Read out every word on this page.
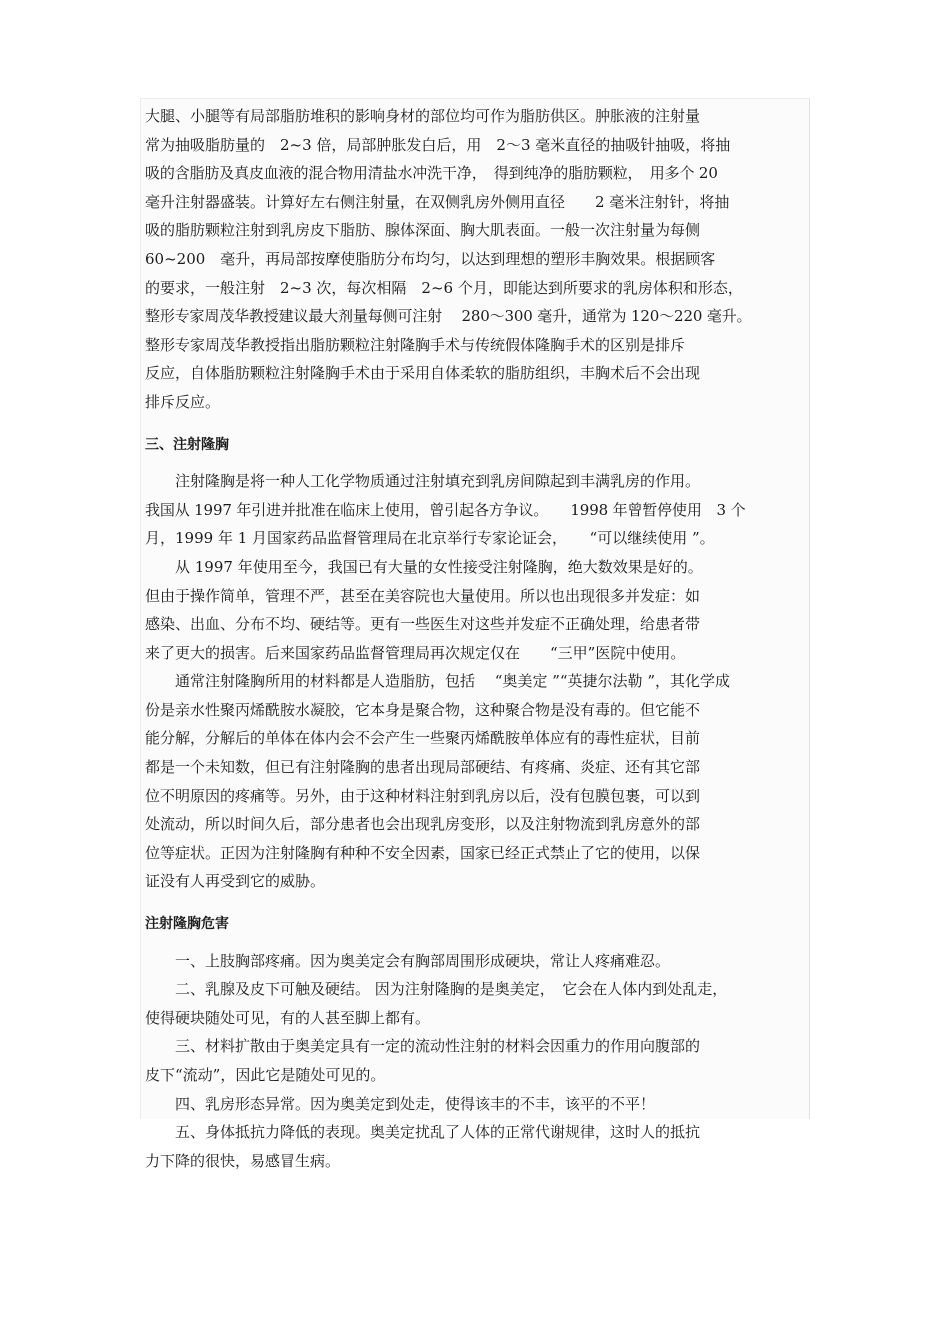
大腿、小腿等有局部脂肪堆积的影响身材的部位均可作为脂肪供区。肿胀液的注射量

常为抽吸脂肪量的　2~3 倍，局部肿胀发白后，用　2～3 毫米直径的抽吸针抽吸，将抽

吸的含脂肪及真皮血液的混合物用清盐水冲洗干净，　得到纯净的脂肪颗粒，　用多个 20

毫升注射器盛装。计算好左右侧注射量，在双侧乳房外侧用直径　　2 毫米注射针，将抽

吸的脂肪颗粒注射到乳房皮下脂肪、腺体深面、胸大肌表面。一般一次注射量为每侧

60~200　毫升，再局部按摩使脂肪分布均匀，以达到理想的塑形丰胸效果。根据顾客

的要求，一般注射　2~3 次，每次相隔　2~6 个月，即能达到所要求的乳房体积和形态，

整形专家周茂华教授建议最大剂量每侧可注射　 280～300 毫升，通常为 120～220 毫升。

整形专家周茂华教授指出脂肪颗粒注射隆胸手术与传统假体隆胸手术的区别是排斥

反应，自体脂肪颗粒注射隆胸手术由于采用自体柔软的脂肪组织，丰胸术后不会出现

排斥反应。

三、注射隆胸

　　注射隆胸是将一种人工化学物质通过注射填充到乳房间隙起到丰满乳房的作用。

我国从 1997 年引进并批准在临床上使用，曾引起各方争议。　　1998 年曾暂停使用　3 个

月，1999 年 1 月国家药品监督管理局在北京举行专家论证会，　　“可以继续使用 ”。

　　从 1997 年使用至今，我国已有大量的女性接受注射隆胸，绝大数效果是好的。

但由于操作简单，管理不严，甚至在美容院也大量使用。所以也出现很多并发症：如

感染、出血、分布不均、硬结等。更有一些医生对这些并发症不正确处理，给患者带

来了更大的损害。后来国家药品监督管理局再次规定仅在　　“三甲”医院中使用。

　　通常注射隆胸所用的材料都是人造脂肪，包括　 “奥美定 ”“英捷尔法勒 ”，其化学成

份是亲水性聚丙烯酰胺水凝胶，它本身是聚合物，这种聚合物是没有毒的。但它能不

能分解，分解后的单体在体内会不会产生一些聚丙烯酰胺单体应有的毒性症状，目前

都是一个未知数，但已有注射隆胸的患者出现局部硬结、有疼痛、炎症、还有其它部

位不明原因的疼痛等。另外，由于这种材料注射到乳房以后，没有包膜包裹，可以到

处流动，所以时间久后，部分患者也会出现乳房变形，以及注射物流到乳房意外的部

位等症状。正因为注射隆胸有种种不安全因素，国家已经正式禁止了它的使用，以保

证没有人再受到它的威胁。

注射隆胸危害

　　一、上肢胸部疼痛。因为奥美定会有胸部周围形成硬块，常让人疼痛难忍。

　　二、乳腺及皮下可触及硬结。 因为注射隆胸的是奥美定，　它会在人体内到处乱走，

使得硬块随处可见，有的人甚至脚上都有。

　　三、材料扩散由于奥美定具有一定的流动性注射的材料会因重力的作用向腹部的

皮下“流动”，因此它是随处可见的。

　　四、乳房形态异常。因为奥美定到处走，使得该丰的不丰，该平的不平！

　　五、身体抵抗力降低的表现。奥美定扰乱了人体的正常代谢规律，这时人的抵抗

力下降的很快，易感冒生病。
